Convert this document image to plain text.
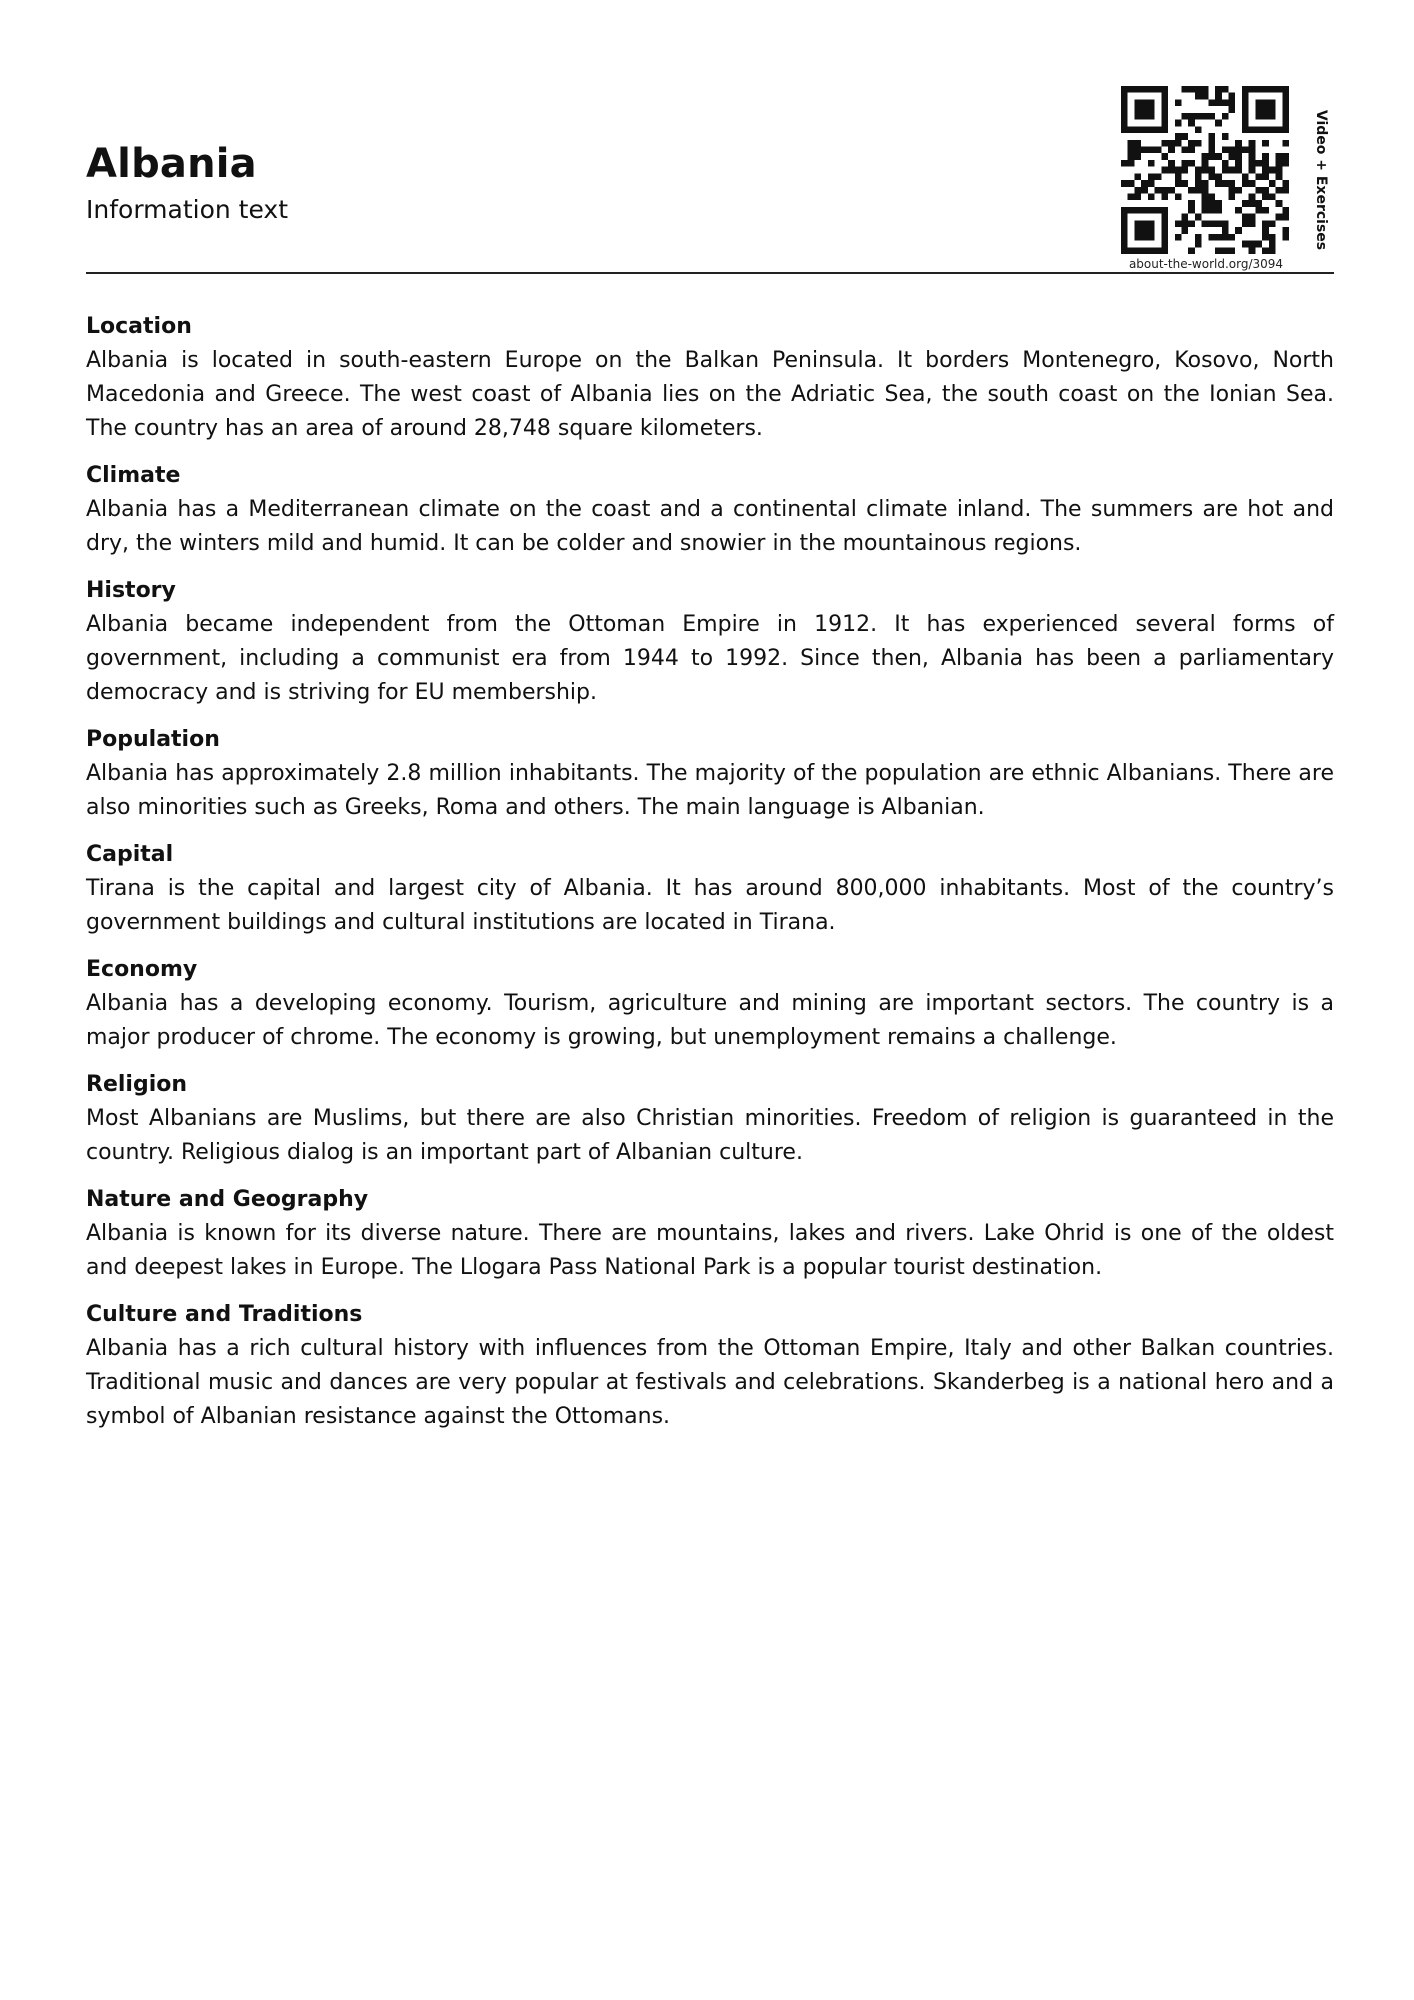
Albania

Information text

about-the-world.org/3094
Video + Exercises
Location

Albania is located in south-eastern Europe on the Balkan Peninsula. It borders Montenegro, Kosovo, North Macedonia and Greece. The west coast of Albania lies on the Adriatic Sea, the south coast on the Ionian Sea. The country has an area of around 28,748 square kilometers.

Climate

Albania has a Mediterranean climate on the coast and a continental climate inland. The summers are hot and dry, the winters mild and humid. It can be colder and snowier in the mountainous regions.

History

Albania became independent from the Ottoman Empire in 1912. It has experienced several forms of government, including a communist era from 1944 to 1992. Since then, Albania has been a parliamentary democracy and is striving for EU membership.

Population

Albania has approximately 2.8 million inhabitants. The majority of the population are ethnic Albanians. There are also minorities such as Greeks, Roma and others. The main language is Albanian.

Capital

Tirana is the capital and largest city of Albania. It has around 800,000 inhabitants. Most of the country’s government buildings and cultural institutions are located in Tirana.

Economy

Albania has a developing economy. Tourism, agriculture and mining are important sectors. The country is a major producer of chrome. The economy is growing, but unemployment remains a challenge.

Religion

Most Albanians are Muslims, but there are also Christian minorities. Freedom of religion is guaranteed in the country. Religious dialog is an important part of Albanian culture.

Nature and Geography

Albania is known for its diverse nature. There are mountains, lakes and rivers. Lake Ohrid is one of the oldest and deepest lakes in Europe. The Llogara Pass National Park is a popular tourist destination.

Culture and Traditions

Albania has a rich cultural history with influences from the Ottoman Empire, Italy and other Balkan countries. Traditional music and dances are very popular at festivals and celebrations. Skanderbeg is a national hero and a symbol of Albanian resistance against the Ottomans.
